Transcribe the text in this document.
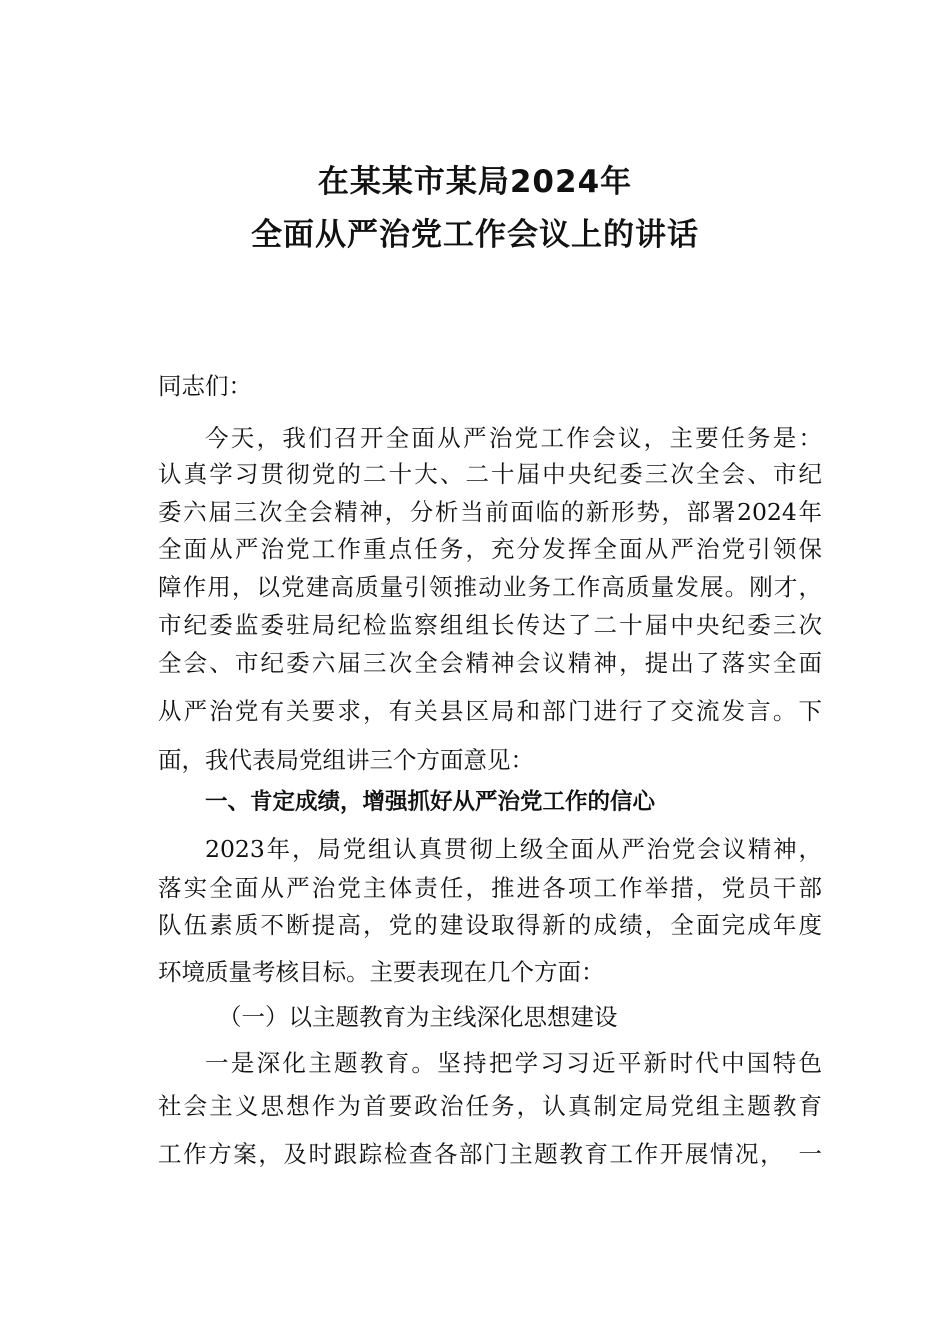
在某某市某局2024年
全面从严治党工作会议上的讲话

同志们：

今天，我们召开全面从严治党工作会议，主要任务是：

认真学习贯彻党的二十大、二十届中央纪委三次全会、市纪

委六届三次全会精神，分析当前面临的新形势，部署2024年

全面从严治党工作重点任务，充分发挥全面从严治党引领保

障作用，以党建高质量引领推动业务工作高质量发展。刚才，

市纪委监委驻局纪检监察组组长传达了二十届中央纪委三次

全会、市纪委六届三次全会精神会议精神，提出了落实全面

从严治党有关要求，有关县区局和部门进行了交流发言。下

面，我代表局党组讲三个方面意见：

一、肯定成绩，增强抓好从严治党工作的信心

2023年，局党组认真贯彻上级全面从严治党会议精神，

落实全面从严治党主体责任，推进各项工作举措，党员干部

队伍素质不断提高，党的建设取得新的成绩，全面完成年度

环境质量考核目标。主要表现在几个方面：

（一）以主题教育为主线深化思想建设

一是深化主题教育。坚持把学习习近平新时代中国特色

社会主义思想作为首要政治任务，认真制定局党组主题教育

工作方案，及时跟踪检查各部门主题教育工作开展情况，　一
